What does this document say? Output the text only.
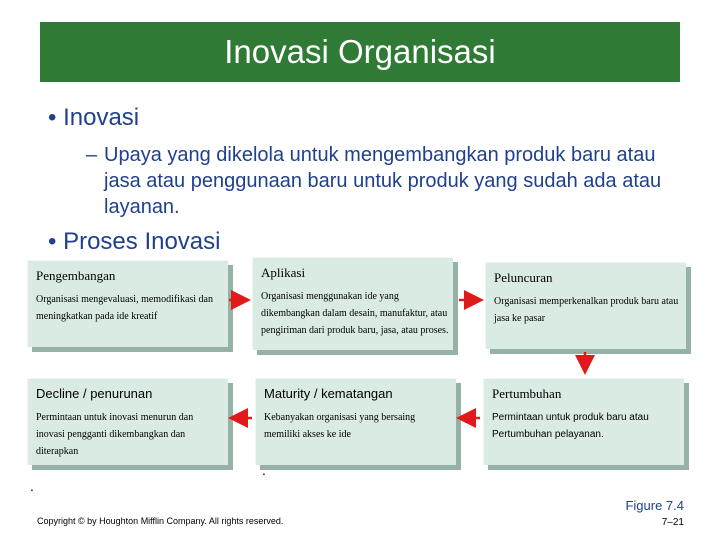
Inovasi Organisasi
• Inovasi
– Upaya yang dikelola untuk mengembangkan produk baru atau jasa atau penggunaan baru untuk produk yang sudah ada atau layanan.
• Proses Inovasi
Pengembangan
Organisasi mengevaluasi, memodifikasi dan meningkatkan pada ide kreatif
Aplikasi
Organisasi menggunakan ide yang dikembangkan dalam desain, manufaktur, atau pengiriman dari produk baru, jasa, atau proses.
Peluncuran
Organisasi memperkenalkan produk baru atau jasa ke pasar
Decline / penurunan
Permintaan untuk inovasi menurun dan inovasi pengganti dikembangkan dan diterapkan
Maturity / kematangan
Kebanyakan organisasi yang bersaing memiliki akses ke ide
Pertumbuhan
Permintaan untuk produk baru atau Pertumbuhan pelayanan.
.
.
Copyright © by Houghton Mifflin Company. All rights reserved.
Figure 7.4
7–21
